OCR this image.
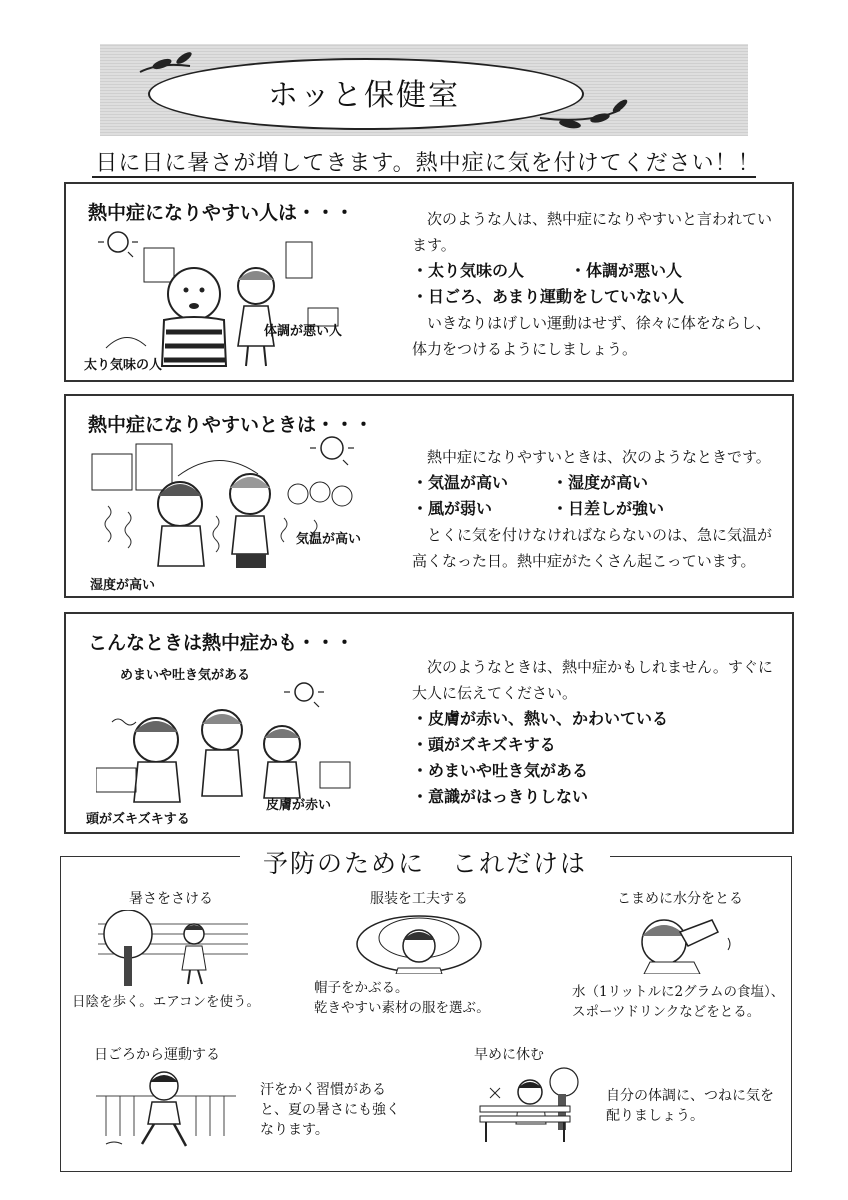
ホッと保健室
日に日に暑さが増してきます。熱中症に気を付けてください！！
熱中症になりやすい人は・・・
太り気味の人
体調が悪い人
　次のような人は、熱中症になりやすいと言われています。
・太り気味の人	・体調が悪い人
・日ごろ、あまり運動をしていない人
　いきなりはげしい運動はせず、徐々に体をならし、体力をつけるようにしましょう。
熱中症になりやすいときは・・・
湿度が高い
気温が高い
　熱中症になりやすいときは、次のようなときです。
・気温が高い	・湿度が高い
・風が弱い	・日差しが強い
　とくに気を付けなければならないのは、急に気温が高くなった日。熱中症がたくさん起こっています。
こんなときは熱中症かも・・・
めまいや吐き気がある
頭がズキズキする
皮膚が赤い
　次のようなときは、熱中症かもしれません。すぐに大人に伝えてください。
・皮膚が赤い、熱い、かわいている
・頭がズキズキする
・めまいや吐き気がある
・意識がはっきりしない
予防のために　これだけは
暑さをさける
日陰を歩く。エアコンを使う。
服装を工夫する
帽子をかぶる。
乾きやすい素材の服を選ぶ。
こまめに水分をとる
水（1リットルに2グラムの食塩）、
スポーツドリンクなどをとる。
日ごろから運動する
汗をかく習慣があると、夏の暑さにも強くなります。
早めに休む
自分の体調に、つねに気を配りましょう。
